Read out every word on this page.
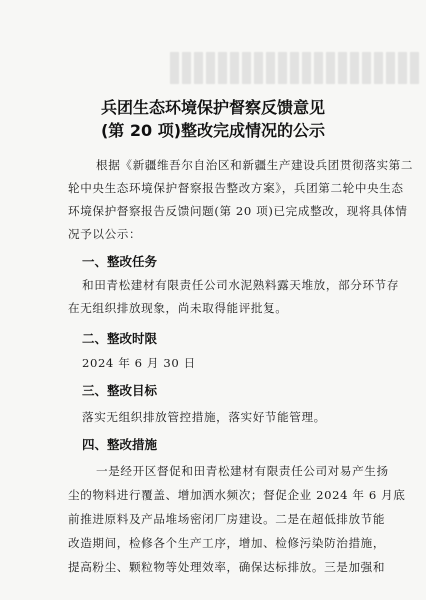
兵团生态环境保护督察反馈意见
(第 20 项)整改完成情况的公示
根据《新疆维吾尔自治区和新疆生产建设兵团贯彻落实第二
轮中央生态环境保护督察报告整改方案》，兵团第二轮中央生态
环境保护督察报告反馈问题(第 20 项)已完成整改，现将具体情
况予以公示：
一、整改任务
和田青松建材有限责任公司水泥熟料露天堆放，部分环节存
在无组织排放现象，尚未取得能评批复。
二、整改时限
2024 年 6 月 30 日
三、整改目标
落实无组织排放管控措施，落实好节能管理。
四、整改措施
一是经开区督促和田青松建材有限责任公司对易产生扬
尘的物料进行覆盖、增加洒水频次；督促企业 2024 年 6 月底
前推进原料及产品堆场密闭厂房建设。二是在超低排放节能
改造期间，检修各个生产工序，增加、检修污染防治措施，
提高粉尘、颗粒物等处理效率，确保达标排放。三是加强和
